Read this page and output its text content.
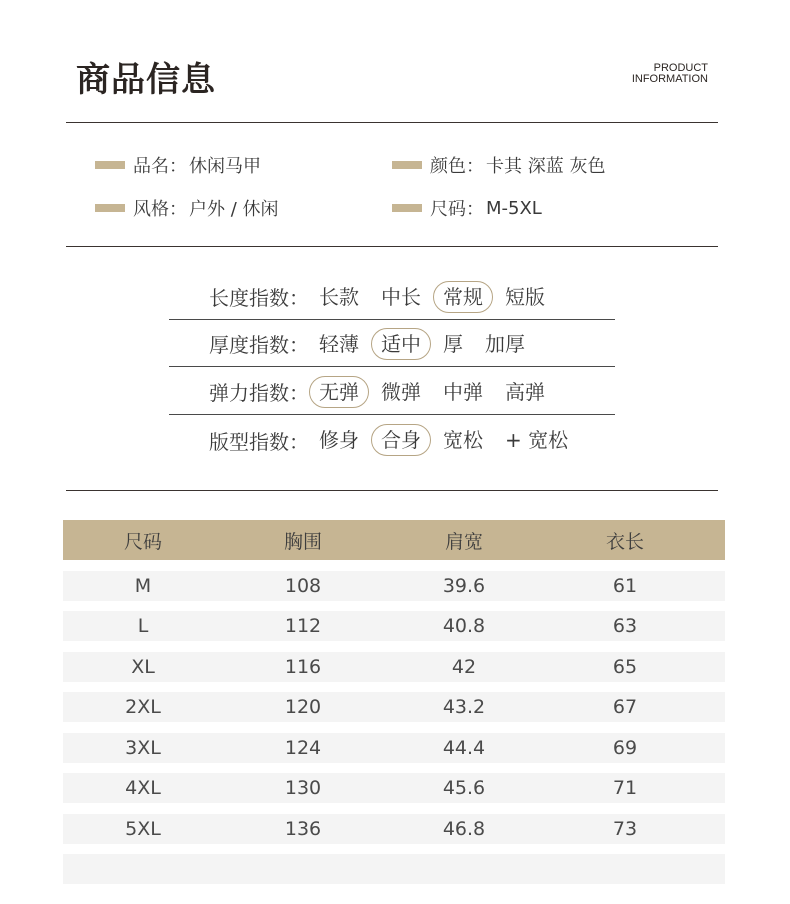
商品信息	PRODUCT
INFORMATION
品名： 休闲马甲	颜色： 卡其 深蓝 灰色
风格： 户外 / 休闲	尺码： M-5XL
长度指数： 长款	中长	常规	短版
厚度指数： 轻薄	适中	厚	加厚
弹力指数： 无弹	微弹	中弹	高弹
版型指数： 修身	合身	宽松	+ 宽松
尺码	胸围	肩宽	衣长
M	108	39.6	61
L	112	40.8	63
XL	116	42	65
2XL	120	43.2	67
3XL	124	44.4	69
4XL	130	45.6	71
5XL	136	46.8	73
